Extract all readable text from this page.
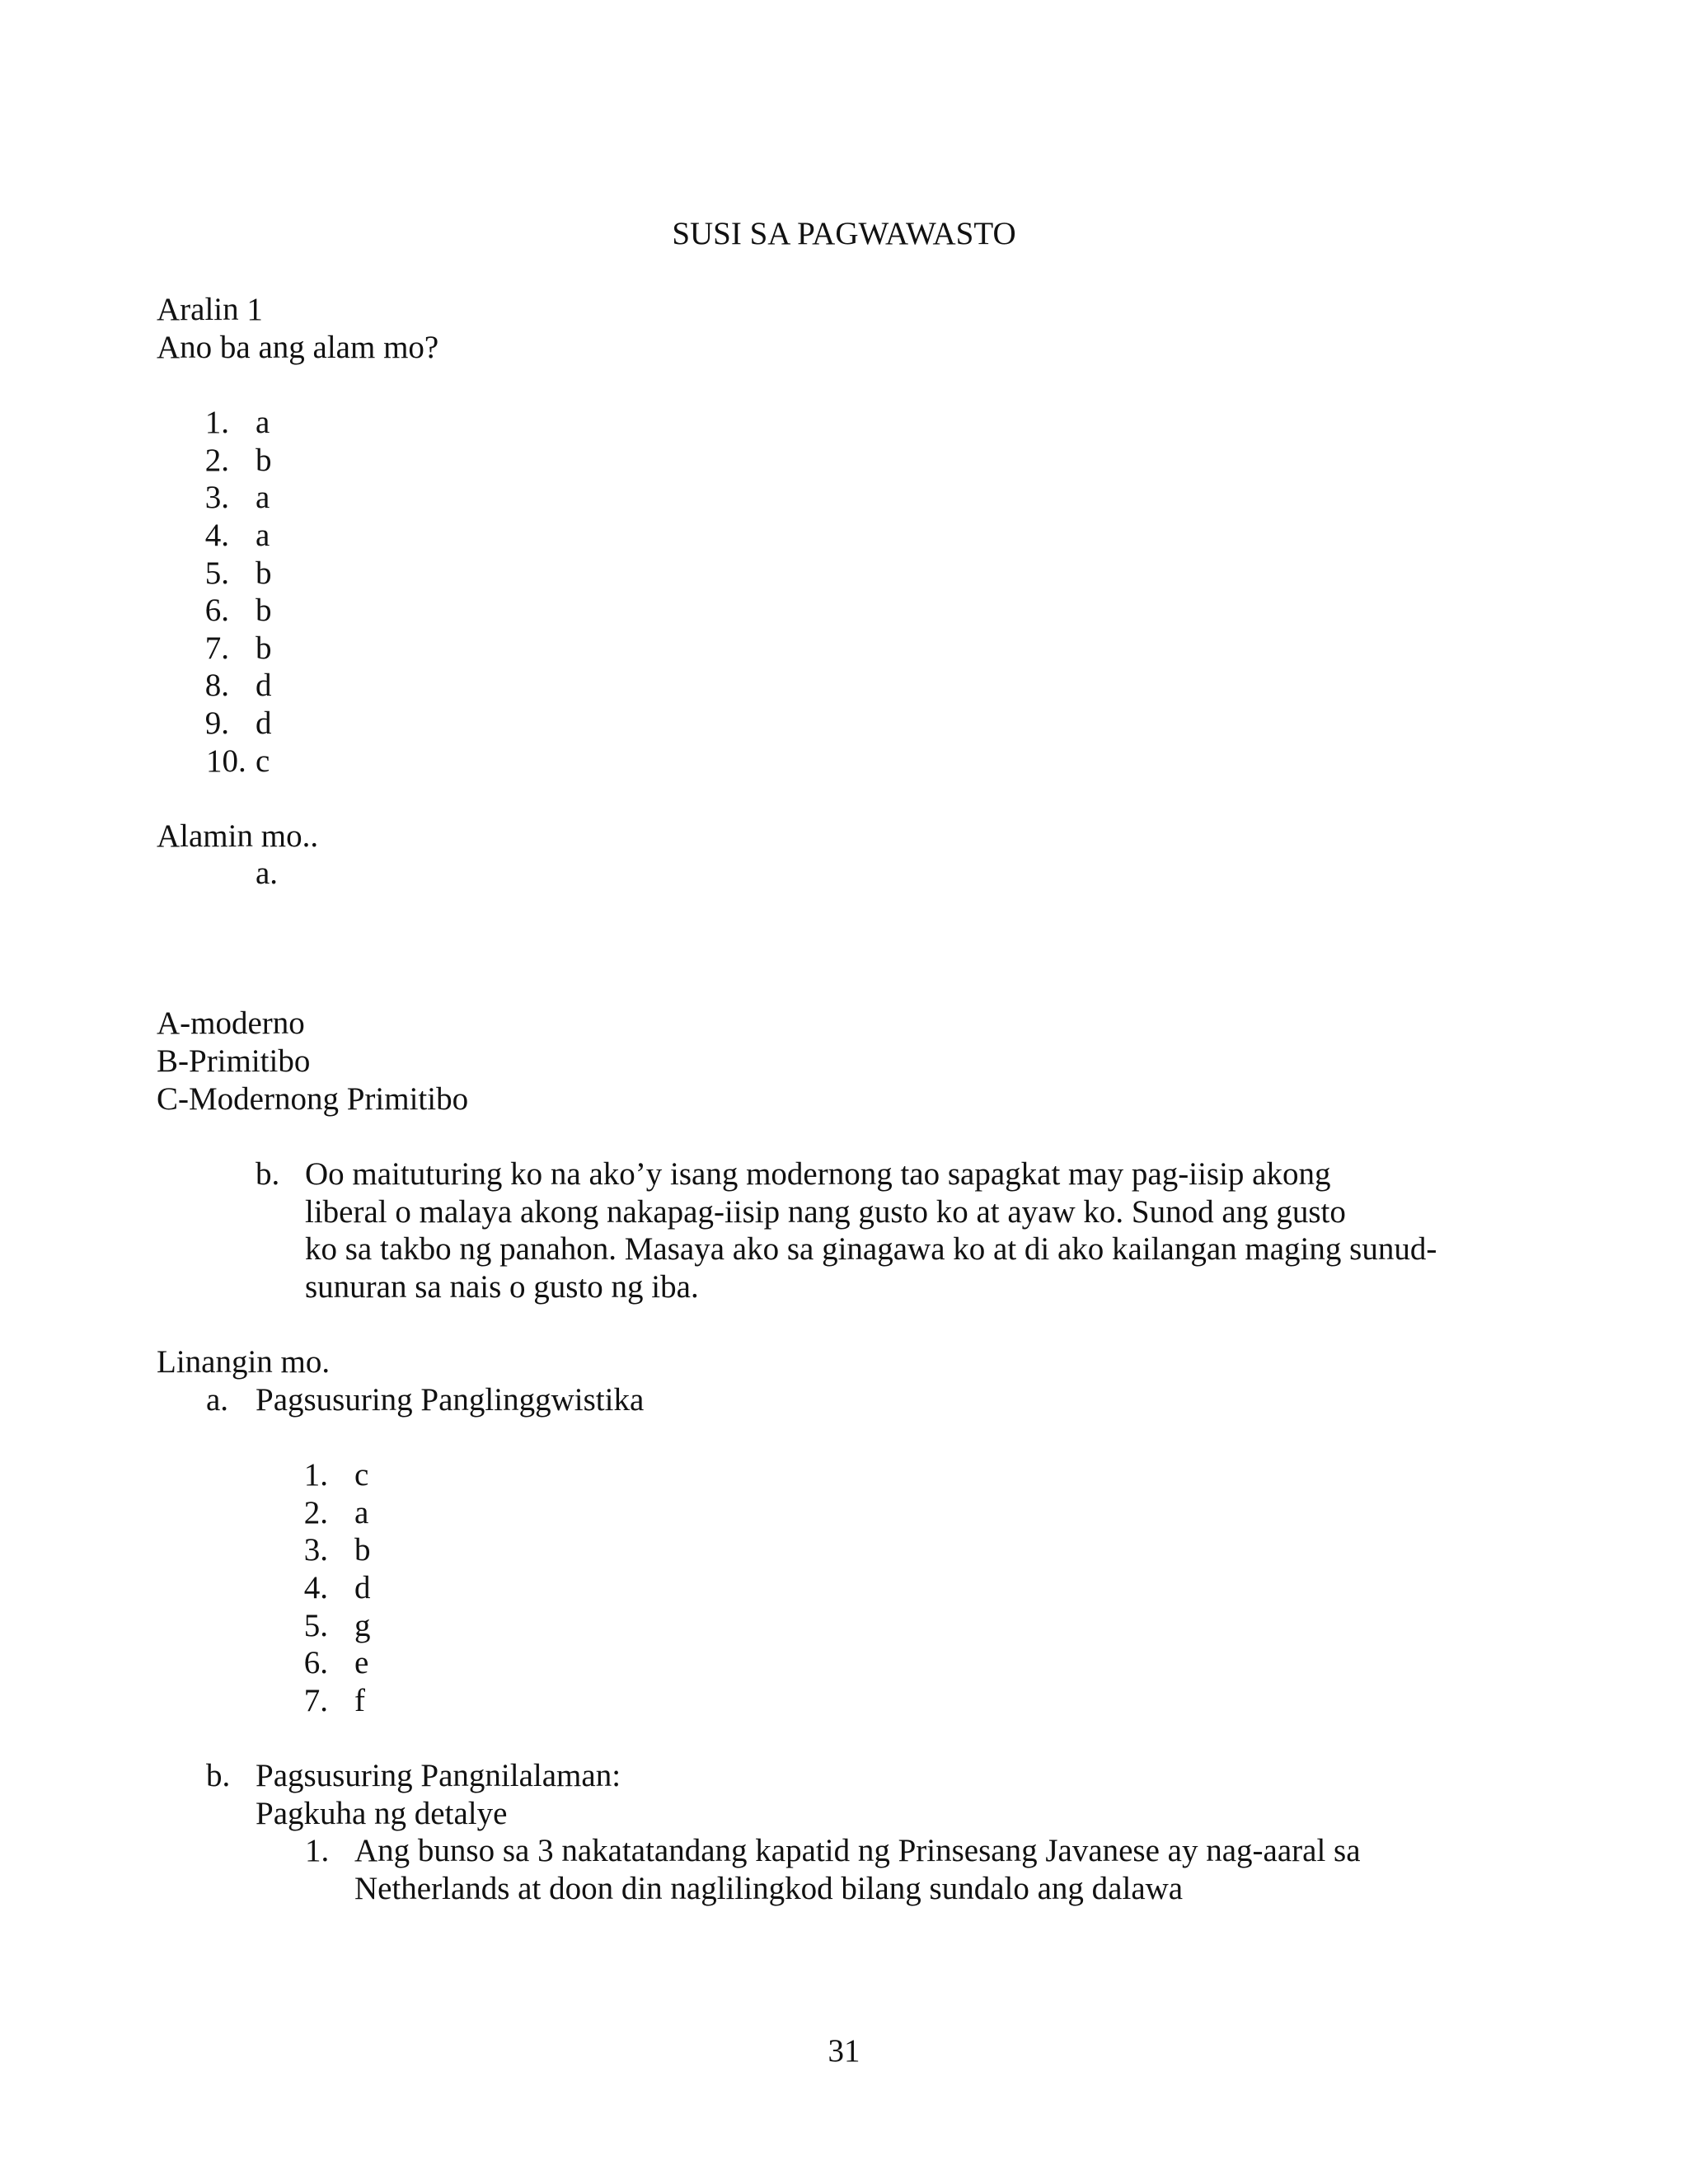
SUSI SA PAGWAWASTO
Aralin 1
Ano ba ang alam mo?
1. a
2. b
3. a
4. a
5. b
6. b
7. b
8. d
9. d
10. c
Alamin mo..
a.
A-moderno
B-Primitibo
C-Modernong Primitibo
b. Oo maituturing ko na ako’y isang modernong tao sapagkat may pag-iisip akong
liberal o malaya akong nakapag-iisip nang gusto ko at ayaw ko. Sunod ang gusto
ko sa takbo ng panahon. Masaya ako sa ginagawa ko at di ako kailangan maging sunud-
sunuran sa nais o gusto ng iba.
Linangin mo.
a. Pagsusuring Panglinggwistika
1. c
2. a
3. b
4. d
5. g
6. e
7. f
b. Pagsusuring Pangnilalaman:
Pagkuha ng detalye
1. Ang bunso sa 3 nakatatandang kapatid ng Prinsesang Javanese ay nag-aaral sa
Netherlands at doon din naglilingkod bilang sundalo ang dalawa
31
